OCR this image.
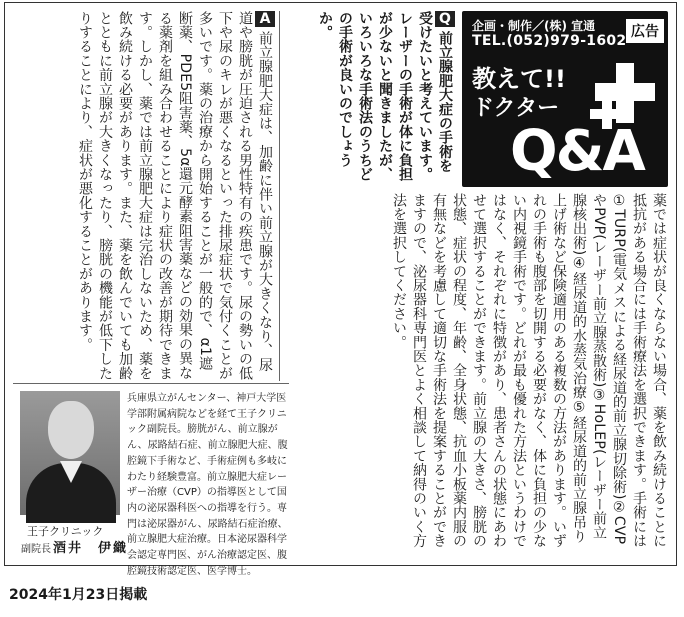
企画・制作／(株) 宣通
TEL.(052)979-1602
広告
教えて!!
ドクター
Q&A
Q前立腺肥大症の手術を受けたいと考えています。レーザーの手術が体に負担が少ないと聞きましたが、いろいろな手術法のうちどの手術が良いのでしょうか。
A前立腺肥大症は、加齢に伴い前立腺が大きくなり、尿道や膀胱が圧迫される男性特有の疾患です。尿の勢いの低下や尿のキレが悪くなるといった排尿症状で気付くことが多いです。薬の治療から開始することが一般的で、α1遮断薬、PDE5阻害薬、5α還元酵素阻害薬などの効果の異なる薬剤を組み合わせることにより症状の改善が期待できます。しかし、薬では前立腺肥大症は完治しないため、薬を飲み続ける必要があります。また、薬を飲んでいても加齢とともに前立腺が大きくなったり、膀胱の機能が低下したりすることにより、症状が悪化することがあります。
薬では症状が良くならない場合、薬を飲み続けることに抵抗がある場合には手術療法を選択できます。手術には①TURP(電気メスによる経尿道的前立腺切除術)②CVPやPVP(レーザー前立腺蒸散術)③HoLEP(レーザー前立腺核出術)④経尿道的水蒸気治療⑤経尿道的前立腺吊り上げ術など保険適用のある複数の方法があります。いずれの手術も腹部を切開する必要がなく、体に負担の少ない内視鏡手術です。どれが最も優れた方法というわけではなく、それぞれに特徴があり、患者さんの状態にあわせて選択することができます。前立腺の大きさ、膀胱の状態、症状の程度、年齢、全身状態、抗血小板薬内服の有無などを考慮して適切な手術法を提案することができますので、泌尿器科専門医とよく相談して納得のいく方法を選択してください。
兵庫県立がんセンター、神戸大学医学部附属病院などを経て王子クリニック副院長。膀胱がん、前立腺がん、尿路結石症、前立腺肥大症、腹腔鏡下手術など、手術症例も多岐にわたり経験豊富。前立腺肥大症レーザー治療（CVP）の指導医として国内の泌尿器科医への指導を行う。専門は泌尿器がん、尿路結石症治療、前立腺肥大症治療。日本泌尿器科学会認定専門医、がん治療認定医、腹腔鏡技術認定医、医学博士。
王子クリニック
副院長 酒井　伊織
2024年1月23日掲載
